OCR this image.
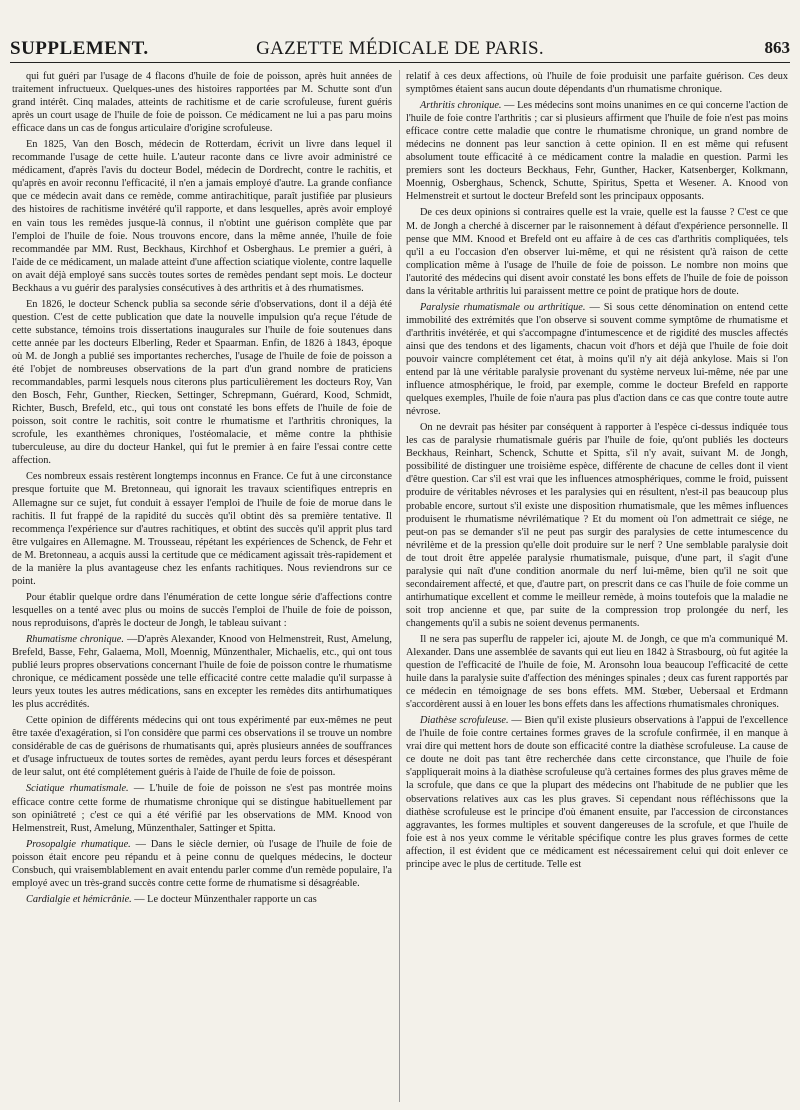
SUPPLEMENT.	GAZETTE MÉDICALE DE PARIS.	863

qui fut guéri par l'usage de 4 flacons d'huile de foie de poisson, après huit années de traitement infructueux. Quelques-unes des histoires rapportées par M. Schutte sont d'un grand intérêt. Cinq malades, atteints de rachitisme et de carie scrofuleuse, furent guéris après un court usage de l'huile de foie de poisson. Ce médicament ne lui a pas paru moins efficace dans un cas de fongus articulaire d'origine scrofuleuse.

En 1825, Van den Bosch, médecin de Rotterdam, écrivit un livre dans lequel il recommande l'usage de cette huile. L'auteur raconte dans ce livre avoir administré ce médicament, d'après l'avis du docteur Bodel, médecin de Dordrecht, contre le rachitis, et qu'après en avoir reconnu l'efficacité, il n'en a jamais employé d'autre. La grande confiance que ce médecin avait dans ce remède, comme antirachitique, paraît justifiée par plusieurs des histoires de rachitisme invétéré qu'il rapporte, et dans lesquelles, après avoir employé en vain tous les remèdes jusque-là connus, il n'obtint une guérison complète que par l'emploi de l'huile de foie. Nous trouvons encore, dans la même année, l'huile de foie recommandée par MM. Rust, Beckhaus, Kirchhof et Osberghaus. Le premier a guéri, à l'aide de ce médicament, un malade atteint d'une affection sciatique violente, contre laquelle on avait déjà employé sans succès toutes sortes de remèdes pendant sept mois. Le docteur Beckhaus a vu guérir des paralysies consécutives à des arthritis et à des rhumatismes.

En 1826, le docteur Schenck publia sa seconde série d'observations, dont il a déjà été question. C'est de cette publication que date la nouvelle impulsion qu'a reçue l'étude de cette substance, témoins trois dissertations inaugurales sur l'huile de foie soutenues dans cette année par les docteurs Elberling, Reder et Spaarman. Enfin, de 1826 à 1843, époque où M. de Jongh a publié ses importantes recherches, l'usage de l'huile de foie de poisson a été l'objet de nombreuses observations de la part d'un grand nombre de praticiens recommandables, parmi lesquels nous citerons plus particulièrement les docteurs Roy, Van den Bosch, Fehr, Gunther, Riecken, Settinger, Schrepmann, Guérard, Kood, Schmidt, Richter, Busch, Brefeld, etc., qui tous ont constaté les bons effets de l'huile de foie de poisson, soit contre le rachitis, soit contre le rhumatisme et l'arthritis chroniques, la scrofule, les exanthèmes chroniques, l'ostéomalacie, et même contre la phthisie tuberculeuse, au dire du docteur Hankel, qui fut le premier à en faire l'essai contre cette affection.

Ces nombreux essais restèrent longtemps inconnus en France. Ce fut à une circonstance presque fortuite que M. Bretonneau, qui ignorait les travaux scientifiques entrepris en Allemagne sur ce sujet, fut conduit à essayer l'emploi de l'huile de foie de morue dans le rachitis. Il fut frappé de la rapidité du succès qu'il obtint dès sa première tentative. Il recommença l'expérience sur d'autres rachitiques, et obtint des succès qu'il apprit plus tard être vulgaires en Allemagne. M. Trousseau, répétant les expériences de Schenck, de Fehr et de M. Bretonneau, a acquis aussi la certitude que ce médicament agissait très-rapidement et de la manière la plus avantageuse chez les enfants rachitiques. Nous reviendrons sur ce point.

Pour établir quelque ordre dans l'énumération de cette longue série d'affections contre lesquelles on a tenté avec plus ou moins de succès l'emploi de l'huile de foie de poisson, nous reproduisons, d'après le docteur de Jongh, le tableau suivant :

Rhumatisme chronique. —D'après Alexander, Knood von Helmenstreit, Rust, Amelung, Brefeld, Basse, Fehr, Galaema, Moll, Moennig, Münzenthaler, Michaelis, etc., qui ont tous publié leurs propres observations concernant l'huile de foie de poisson contre le rhumatisme chronique, ce médicament possède une telle efficacité contre cette maladie qu'il surpasse à leurs yeux toutes les autres médications, sans en excepter les remèdes dits antirhumatiques les plus accrédités.

Cette opinion de différents médecins qui ont tous expérimenté par eux-mêmes ne peut être taxée d'exagération, si l'on considère que parmi ces observations il se trouve un nombre considérable de cas de guérisons de rhumatisants qui, après plusieurs années de souffrances et d'usage infructueux de toutes sortes de remèdes, ayant perdu leurs forces et désespérant de leur salut, ont été complétement guéris à l'aide de l'huile de foie de poisson.

Sciatique rhumatismale. — L'huile de foie de poisson ne s'est pas montrée moins efficace contre cette forme de rhumatisme chronique qui se distingue habituellement par son opiniâtreté ; c'est ce qui a été vérifié par les observations de MM. Knood von Helmenstreit, Rust, Amelung, Münzenthaler, Sattinger et Spitta.

Prosopalgie rhumatique. — Dans le siècle dernier, où l'usage de l'huile de foie de poisson était encore peu répandu et à peine connu de quelques médecins, le docteur Consbuch, qui vraisemblablement en avait entendu parler comme d'un remède populaire, l'a employé avec un très-grand succès contre cette forme de rhumatisme si désagréable.

Cardialgie et hémicrânie. — Le docteur Münzenthaler rapporte un cas

relatif à ces deux affections, où l'huile de foie produisit une parfaite guérison. Ces deux symptômes étaient sans aucun doute dépendants d'un rhumatisme chronique.

Arthritis chronique. — Les médecins sont moins unanimes en ce qui concerne l'action de l'huile de foie contre l'arthritis ; car si plusieurs affirment que l'huile de foie n'est pas moins efficace contre cette maladie que contre le rhumatisme chronique, un grand nombre de médecins ne donnent pas leur sanction à cette opinion. Il en est même qui refusent absolument toute efficacité à ce médicament contre la maladie en question. Parmi les premiers sont les docteurs Beckhaus, Fehr, Gunther, Hacker, Katsenberger, Kolkmann, Moennig, Osberghaus, Schenck, Schutte, Spiritus, Spetta et Wesener. A. Knood von Helmenstreit et surtout le docteur Brefeld sont les principaux opposants.

De ces deux opinions si contraires quelle est la vraie, quelle est la fausse ? C'est ce que M. de Jongh a cherché à discerner par le raisonnement à défaut d'expérience personnelle. Il pense que MM. Knood et Brefeld ont eu affaire à de ces cas d'arthritis compliquées, tels qu'il a eu l'occasion d'en observer lui-même, et qui ne résistent qu'à raison de cette complication même à l'usage de l'huile de foie de poisson. Le nombre non moins que l'autorité des médecins qui disent avoir constaté les bons effets de l'huile de foie de poisson dans la véritable arthritis lui paraissent mettre ce point de pratique hors de doute.

Paralysie rhumatismale ou arthritique. — Si sous cette dénomination on entend cette immobilité des extrémités que l'on observe si souvent comme symptôme de rhumatisme et d'arthritis invétérée, et qui s'accompagne d'intumescence et de rigidité des muscles affectés ainsi que des tendons et des ligaments, chacun voit d'hors et déjà que l'huile de foie doit pouvoir vaincre complétement cet état, à moins qu'il n'y ait déjà ankylose. Mais si l'on entend par là une véritable paralysie provenant du système nerveux lui-même, née par une influence atmosphérique, le froid, par exemple, comme le docteur Brefeld en rapporte quelques exemples, l'huile de foie n'aura pas plus d'action dans ce cas que contre toute autre névrose.

On ne devrait pas hésiter par conséquent à rapporter à l'espèce ci-dessus indiquée tous les cas de paralysie rhumatismale guéris par l'huile de foie, qu'ont publiés les docteurs Beckhaus, Reinhart, Schenck, Schutte et Spitta, s'il n'y avait, suivant M. de Jongh, possibilité de distinguer une troisième espèce, différente de chacune de celles dont il vient d'être question. Car s'il est vrai que les influences atmosphériques, comme le froid, puissent produire de véritables névroses et les paralysies qui en résultent, n'est-il pas beaucoup plus probable encore, surtout s'il existe une disposition rhumatismale, que les mêmes influences produisent le rhumatisme névrilématique ? Et du moment où l'on admettrait ce siége, ne peut-on pas se demander s'il ne peut pas surgir des paralysies de cette intumescence du névrilème et de la pression qu'elle doit produire sur le nerf ? Une semblable paralysie doit de tout droit être appelée paralysie rhumatismale, puisque, d'une part, il s'agit d'une paralysie qui naît d'une condition anormale du nerf lui-même, bien qu'il ne soit que secondairement affecté, et que, d'autre part, on prescrit dans ce cas l'huile de foie comme un antirhumatique excellent et comme le meilleur remède, à moins toutefois que la maladie ne soit trop ancienne et que, par suite de la compression trop prolongée du nerf, les changements qu'il a subis ne soient devenus permanents.

Il ne sera pas superflu de rappeler ici, ajoute M. de Jongh, ce que m'a communiqué M. Alexander. Dans une assemblée de savants qui eut lieu en 1842 à Strasbourg, où fut agitée la question de l'efficacité de l'huile de foie, M. Aronsohn loua beaucoup l'efficacité de cette huile dans la paralysie suite d'affection des méninges spinales ; deux cas furent rapportés par ce médecin en témoignage de ses bons effets. MM. Stœber, Uebersaal et Erdmann s'accordèrent aussi à en louer les bons effets dans les affections rhumatismales chroniques.

Diathèse scrofuleuse. — Bien qu'il existe plusieurs observations à l'appui de l'excellence de l'huile de foie contre certaines formes graves de la scrofule confirmée, il en manque à vrai dire qui mettent hors de doute son efficacité contre la diathèse scrofuleuse. La cause de ce doute ne doit pas tant être recherchée dans cette circonstance, que l'huile de foie s'appliquerait moins à la diathèse scrofuleuse qu'à certaines formes des plus graves même de la scrofule, que dans ce que la plupart des médecins ont l'habitude de ne publier que les observations relatives aux cas les plus graves. Si cependant nous réfléchissons que la diathèse scrofuleuse est le principe d'où émanent ensuite, par l'accession de circonstances aggravantes, les formes multiples et souvent dangereuses de la scrofule, et que l'huile de foie est à nos yeux comme le véritable spécifique contre les plus graves formes de cette affection, il est évident que ce médicament est nécessairement celui qui doit enlever ce principe avec le plus de certitude. Telle est
